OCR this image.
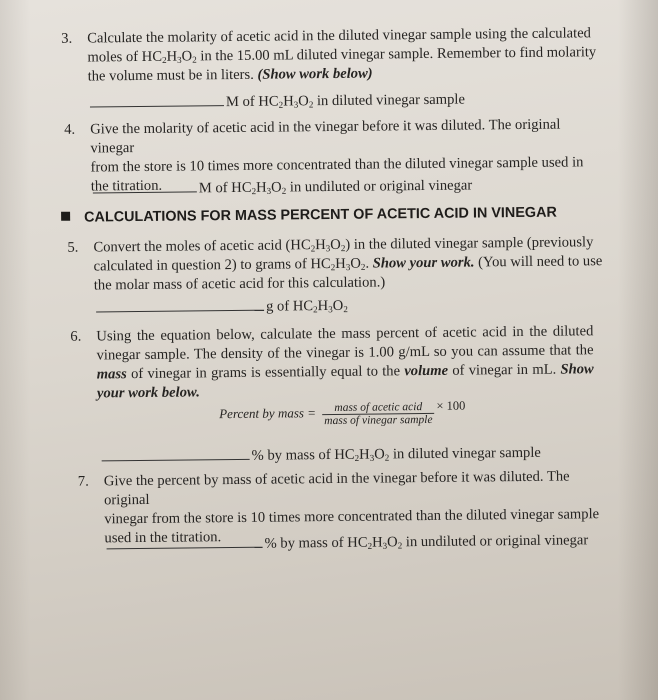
3. Calculate the molarity of acetic acid in the diluted vinegar sample using the calculated
moles of $HC_2H_3O_2$ in the 15.00 mL diluted vinegar sample. Remember to find molarity
the volume must be in liters. (Show work below)
M of $HC_2H_3O_2$ in diluted vinegar sample
4. Give the molarity of acetic acid in the vinegar before it was diluted. The original vinegar
from the store is 10 times more concentrated than the diluted vinegar sample used in
the titration.	M of $HC_2H_3O_2$ in undiluted or original vinegar
CALCULATIONS FOR MASS PERCENT OF ACETIC ACID IN VINEGAR
5. Convert the moles of acetic acid $(HC_2H_3O_2)$ in the diluted vinegar sample (previously
calculated in question 2) to grams of $HC_2H_3O_2$. Show your work. (You will need to use
the molar mass of acetic acid for this calculation.)
g of $HC_2H_3O_2$
6. Using the equation below, calculate the mass percent of acetic acid in the diluted
vinegar sample. The density of the vinegar is 1.00 g/mL so you can assume that the
mass of vinegar in grams is essentially equal to the volume of vinegar in mL. Show
your work below.
Percent by mass = $\frac{\text{mass of acetic acid}}{\text{mass of vinegar sample}} \times 100$
% by mass of $HC_2H_3O_2$ in diluted vinegar sample
7. Give the percent by mass of acetic acid in the vinegar before it was diluted. The original
vinegar from the store is 10 times more concentrated than the diluted vinegar sample
used in the titration.	% by mass of $HC_2H_3O_2$ in undiluted or original vinegar
